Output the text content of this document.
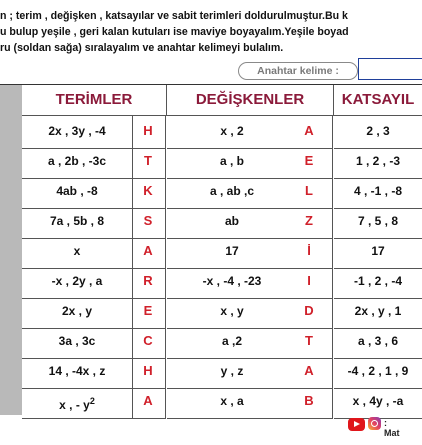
n ; terim , değişken , katsayılar ve sabit terimleri doldurulmuştur.Bu k
u bulup yeşile , geri kalan kutuları ise maviye boyayalım.Yeşile boyad
ru (soldan sağa) sıralayalım ve anahtar kelimeyi bulalım.
Anahtar kelime :
TERİMLER	DEĞİŞKENLER	KATSAYIL
2x , 3y , -4	H	x , 2	A	2 , 3
a , 2b , -3c	T	a , b	E	1 , 2 , -3
4ab , -8	K	a , ab ,c	L	4 , -1 , -8
7a , 5b , 8	S	ab	Z	7 , 5 , 8
x	A	17	İ	17
-x , 2y , a	R	-x , -4 , -23	I	-1 , 2 , -4
2x , y	E	x , y	D	2x , y , 1
3a , 3c	C	a ,2	T	a , 3 , 6
14 , -4x , z	H	y , z	A	-4 , 2 , 1 , 9
x , - $y^2$	A	x , a	B	x , 4y , -a
: Mat
